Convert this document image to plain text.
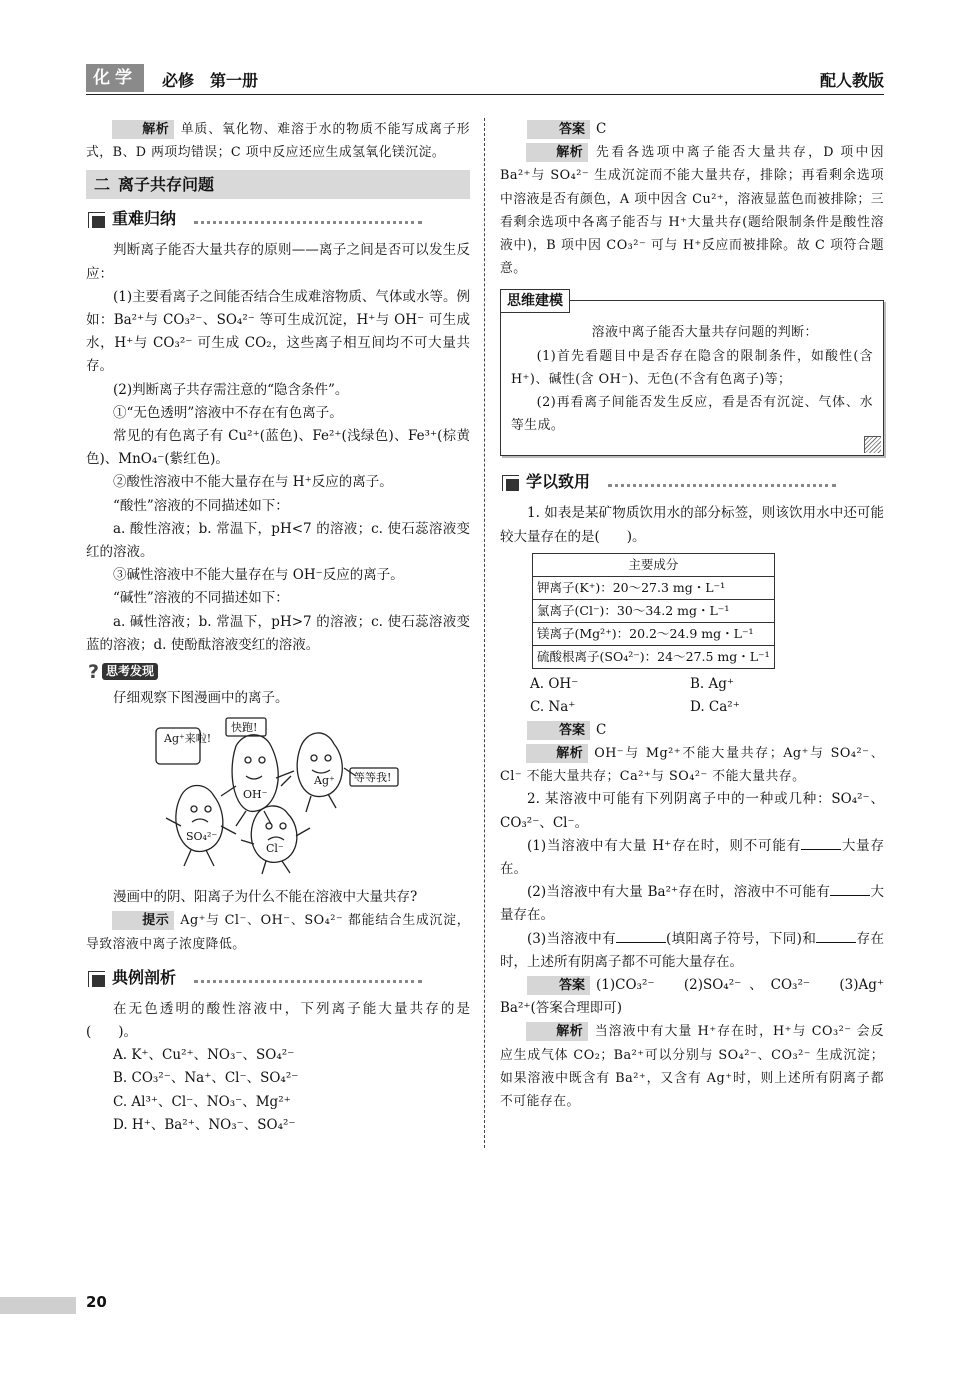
化学	必修　第一册	配人教版

解析 单质、氧化物、难溶于水的物质不能写成离子形式，B、D 两项均错误；C 项中反应还应生成氢氧化镁沉淀。

二 离子共存问题
重难归纳

判断离子能否大量共存的原则——离子之间是否可以发生反应：

(1)主要看离子之间能否结合生成难溶物质、气体或水等。例如：Ba²⁺与 CO₃²⁻、SO₄²⁻ 等可生成沉淀，H⁺与 OH⁻ 可生成水，H⁺与 CO₃²⁻ 可生成 CO₂，这些离子相互间均不可大量共存。

(2)判断离子共存需注意的“隐含条件”。

①“无色透明”溶液中不存在有色离子。

常见的有色离子有 Cu²⁺(蓝色)、Fe²⁺(浅绿色)、Fe³⁺(棕黄色)、MnO₄⁻(紫红色)。

②酸性溶液中不能大量存在与 H⁺反应的离子。

“酸性”溶液的不同描述如下：

a. 酸性溶液；b. 常温下，pH<7 的溶液；c. 使石蕊溶液变红的溶液。

③碱性溶液中不能大量存在与 OH⁻反应的离子。

“碱性”溶液的不同描述如下：

a. 碱性溶液；b. 常温下，pH>7 的溶液；c. 使石蕊溶液变蓝的溶液；d. 使酚酞溶液变红的溶液。

? 思考发现

仔细观察下图漫画中的离子。

Ag⁺来啦!
快跑!
等等我!
OH⁻
Ag⁺
SO₄²⁻
Cl⁻

漫画中的阴、阳离子为什么不能在溶液中大量共存?

提示 Ag⁺与 Cl⁻、OH⁻、SO₄²⁻ 都能结合生成沉淀，导致溶液中离子浓度降低。

典例剖析

在无色透明的酸性溶液中，下列离子能大量共存的是(　　)。

A. K⁺、Cu²⁺、NO₃⁻、SO₄²⁻

B. CO₃²⁻、Na⁺、Cl⁻、SO₄²⁻

C. Al³⁺、Cl⁻、NO₃⁻、Mg²⁺

D. H⁺、Ba²⁺、NO₃⁻、SO₄²⁻

答案 C

解析 先看各选项中离子能否大量共存，D 项中因 Ba²⁺与 SO₄²⁻ 生成沉淀而不能大量共存，排除；再看剩余选项中溶液是否有颜色，A 项中因含 Cu²⁺，溶液显蓝色而被排除；三看剩余选项中各离子能否与 H⁺大量共存(题给限制条件是酸性溶液中)，B 项中因 CO₃²⁻ 可与 H⁺反应而被排除。故 C 项符合题意。

思维建模

溶液中离子能否大量共存问题的判断：

(1)首先看题目中是否存在隐含的限制条件，如酸性(含 H⁺)、碱性(含 OH⁻)、无色(不含有色离子)等；

(2)再看离子间能否发生反应，看是否有沉淀、气体、水等生成。

学以致用

1. 如表是某矿物质饮用水的部分标签，则该饮用水中还可能较大量存在的是(　　)。

主要成分
钾离子(K⁺)：20～27.3 mg・L⁻¹
氯离子(Cl⁻)：30～34.2 mg・L⁻¹
镁离子(Mg²⁺)：20.2～24.9 mg・L⁻¹
硫酸根离子(SO₄²⁻)：24～27.5 mg・L⁻¹
A. OH⁻	B. Ag⁺
C. Na⁺	D. Ca²⁺

答案 C

解析 OH⁻与 Mg²⁺不能大量共存；Ag⁺与 SO₄²⁻、Cl⁻ 不能大量共存；Ca²⁺与 SO₄²⁻ 不能大量共存。

2. 某溶液中可能有下列阴离子中的一种或几种：SO₄²⁻、CO₃²⁻、Cl⁻。

(1)当溶液中有大量 H⁺存在时，则不可能有	大量存在。

(2)当溶液中有大量 Ba²⁺存在时，溶液中不可能有	大量存在。

(3)当溶液中有	(填阳离子符号，下同)和	存在时，上述所有阴离子都不可能大量存在。

答案 (1)CO₃²⁻　(2)SO₄²⁻、CO₃²⁻　(3)Ag⁺　Ba²⁺(答案合理即可)

解析 当溶液中有大量 H⁺存在时，H⁺与 CO₃²⁻ 会反应生成气体 CO₂；Ba²⁺可以分别与 SO₄²⁻、CO₃²⁻ 生成沉淀；如果溶液中既含有 Ba²⁺，又含有 Ag⁺时，则上述所有阴离子都不可能存在。

20
